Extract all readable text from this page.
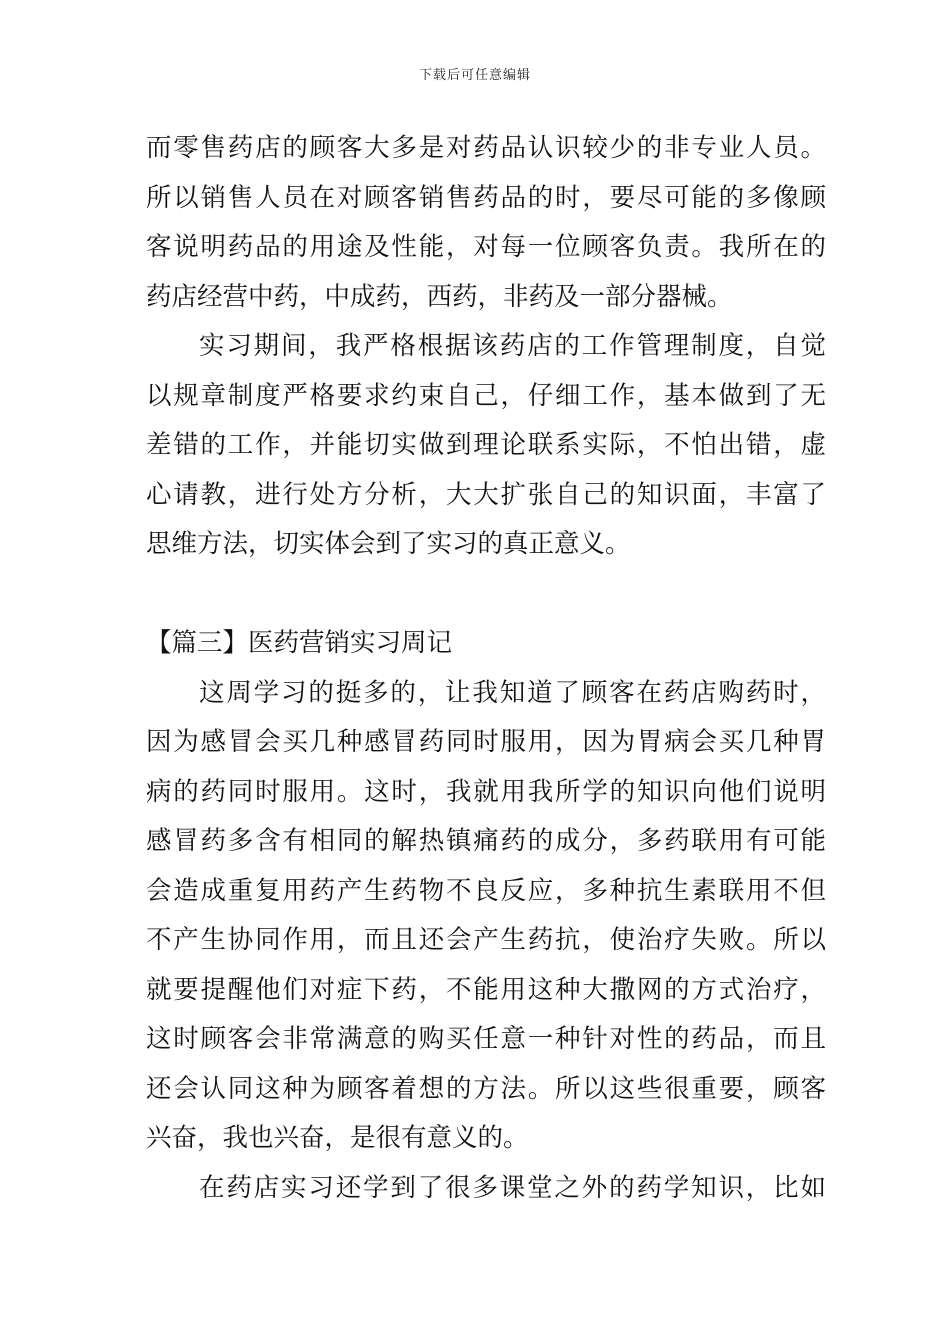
下载后可任意编辑
而零售药店的顾客大多是对药品认识较少的非专业人员。
所以销售人员在对顾客销售药品的时，要尽可能的多像顾
客说明药品的用途及性能，对每一位顾客负责。我所在的
药店经营中药，中成药，西药，非药及一部分器械。
实习期间，我严格根据该药店的工作管理制度，自觉
以规章制度严格要求约束自己，仔细工作，基本做到了无
差错的工作，并能切实做到理论联系实际，不怕出错，虚
心请教，进行处方分析，大大扩张自己的知识面，丰富了
思维方法，切实体会到了实习的真正意义。
【篇三】医药营销实习周记
这周学习的挺多的，让我知道了顾客在药店购药时，
因为感冒会买几种感冒药同时服用，因为胃病会买几种胃
病的药同时服用。这时，我就用我所学的知识向他们说明
感冒药多含有相同的解热镇痛药的成分，多药联用有可能
会造成重复用药产生药物不良反应，多种抗生素联用不但
不产生协同作用，而且还会产生药抗，使治疗失败。所以
就要提醒他们对症下药，不能用这种大撒网的方式治疗，
这时顾客会非常满意的购买任意一种针对性的药品，而且
还会认同这种为顾客着想的方法。所以这些很重要，顾客
兴奋，我也兴奋，是很有意义的。
在药店实习还学到了很多课堂之外的药学知识，比如
